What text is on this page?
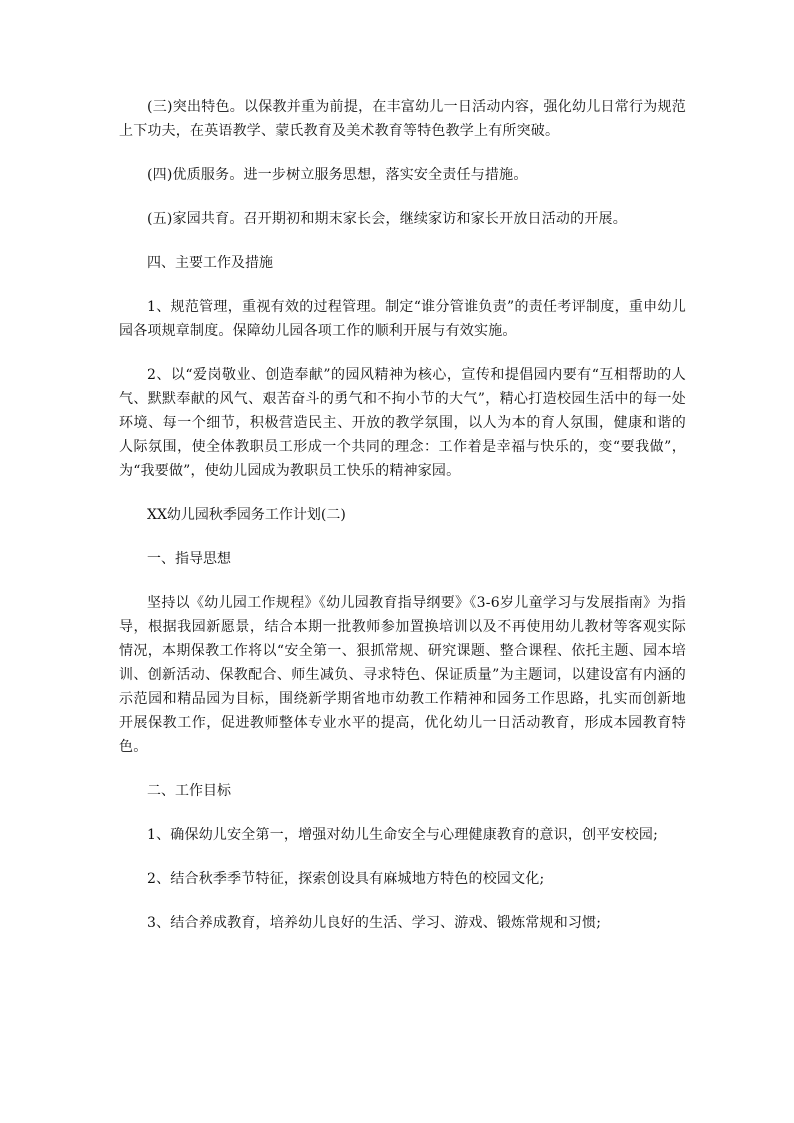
(三)突出特色。以保教并重为前提，在丰富幼儿一日活动内容，强化幼儿日常行为规范上下功夫，在英语教学、蒙氏教育及美术教育等特色教学上有所突破。

(四)优质服务。进一步树立服务思想，落实安全责任与措施。

(五)家园共育。召开期初和期末家长会，继续家访和家长开放日活动的开展。

四、主要工作及措施

1、规范管理，重视有效的过程管理。制定“谁分管谁负责”的责任考评制度，重申幼儿园各项规章制度。保障幼儿园各项工作的顺利开展与有效实施。

2、以“爱岗敬业、创造奉献”的园风精神为核心，宣传和提倡园内要有“互相帮助的人气、默默奉献的风气、艰苦奋斗的勇气和不拘小节的大气”，精心打造校园生活中的每一处环境、每一个细节，积极营造民主、开放的教学氛围，以人为本的育人氛围，健康和谐的人际氛围，使全体教职员工形成一个共同的理念：工作着是幸福与快乐的，变“要我做”，为“我要做”，使幼儿园成为教职员工快乐的精神家园。

XX幼儿园秋季园务工作计划(二)

一、指导思想

坚持以《幼儿园工作规程》《幼儿园教育指导纲要》《3-6岁儿童学习与发展指南》为指导，根据我园新愿景，结合本期一批教师参加置换培训以及不再使用幼儿教材等客观实际情况，本期保教工作将以“安全第一、狠抓常规、研究课题、整合课程、依托主题、园本培训、创新活动、保教配合、师生减负、寻求特色、保证质量”为主题词，以建设富有内涵的示范园和精品园为目标，围绕新学期省地市幼教工作精神和园务工作思路，扎实而创新地开展保教工作，促进教师整体专业水平的提高，优化幼儿一日活动教育，形成本园教育特色。

二、工作目标

1、确保幼儿安全第一，增强对幼儿生命安全与心理健康教育的意识，创平安校园;

2、结合秋季季节特征，探索创设具有麻城地方特色的校园文化;

3、结合养成教育，培养幼儿良好的生活、学习、游戏、锻炼常规和习惯;
